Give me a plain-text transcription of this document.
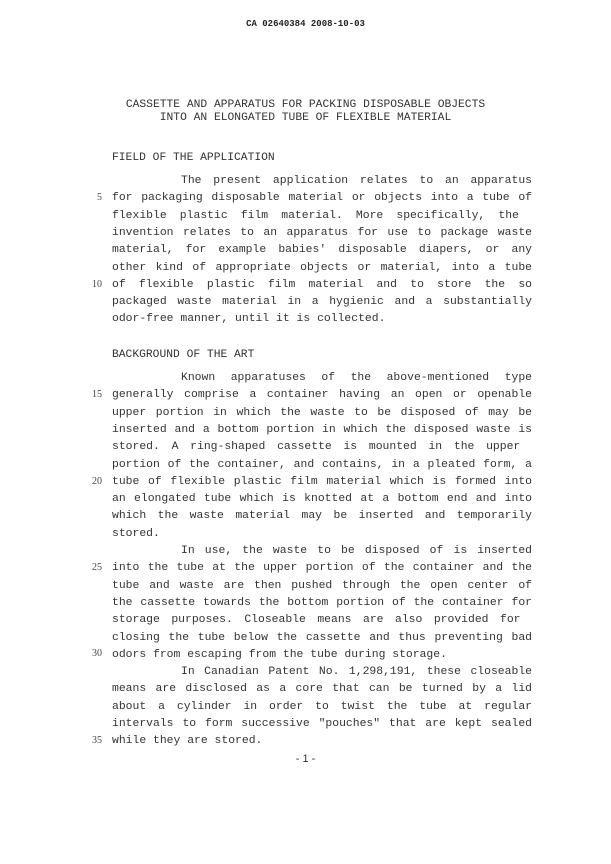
CA 02640384 2008-10-03
CASSETTE AND APPARATUS FOR PACKING DISPOSABLE OBJECTS
INTO AN ELONGATED TUBE OF FLEXIBLE MATERIAL
FIELD OF THE APPLICATION
BACKGROUND OF THE ART
The present application relates to an apparatus
for packaging disposable material or objects into a tube of
flexible plastic film material. More specifically, the
invention relates to an apparatus for use to package waste
material, for example babies' disposable diapers, or any
other kind of appropriate objects or material, into a tube
of flexible plastic film material and to store the so
packaged waste material in a hygienic and a substantially
odor-free manner, until it is collected.
Known apparatuses of the above-mentioned type
generally comprise a container having an open or openable
upper portion in which the waste to be disposed of may be
inserted and a bottom portion in which the disposed waste is
stored. A ring-shaped cassette is mounted in the upper
portion of the container, and contains, in a pleated form, a
tube of flexible plastic film material which is formed into
an elongated tube which is knotted at a bottom end and into
which the waste material may be inserted and temporarily
stored.
In use, the waste to be disposed of is inserted
into the tube at the upper portion of the container and the
tube and waste are then pushed through the open center of
the cassette towards the bottom portion of the container for
storage purposes. Closeable means are also provided for
closing the tube below the cassette and thus preventing bad
odors from escaping from the tube during storage.
In Canadian Patent No. 1,298,191, these closeable
means are disclosed as a core that can be turned by a lid
about a cylinder in order to twist the tube at regular
intervals to form successive "pouches" that are kept sealed
while they are stored.
5
10
15
20
25
30
35
- 1 -
